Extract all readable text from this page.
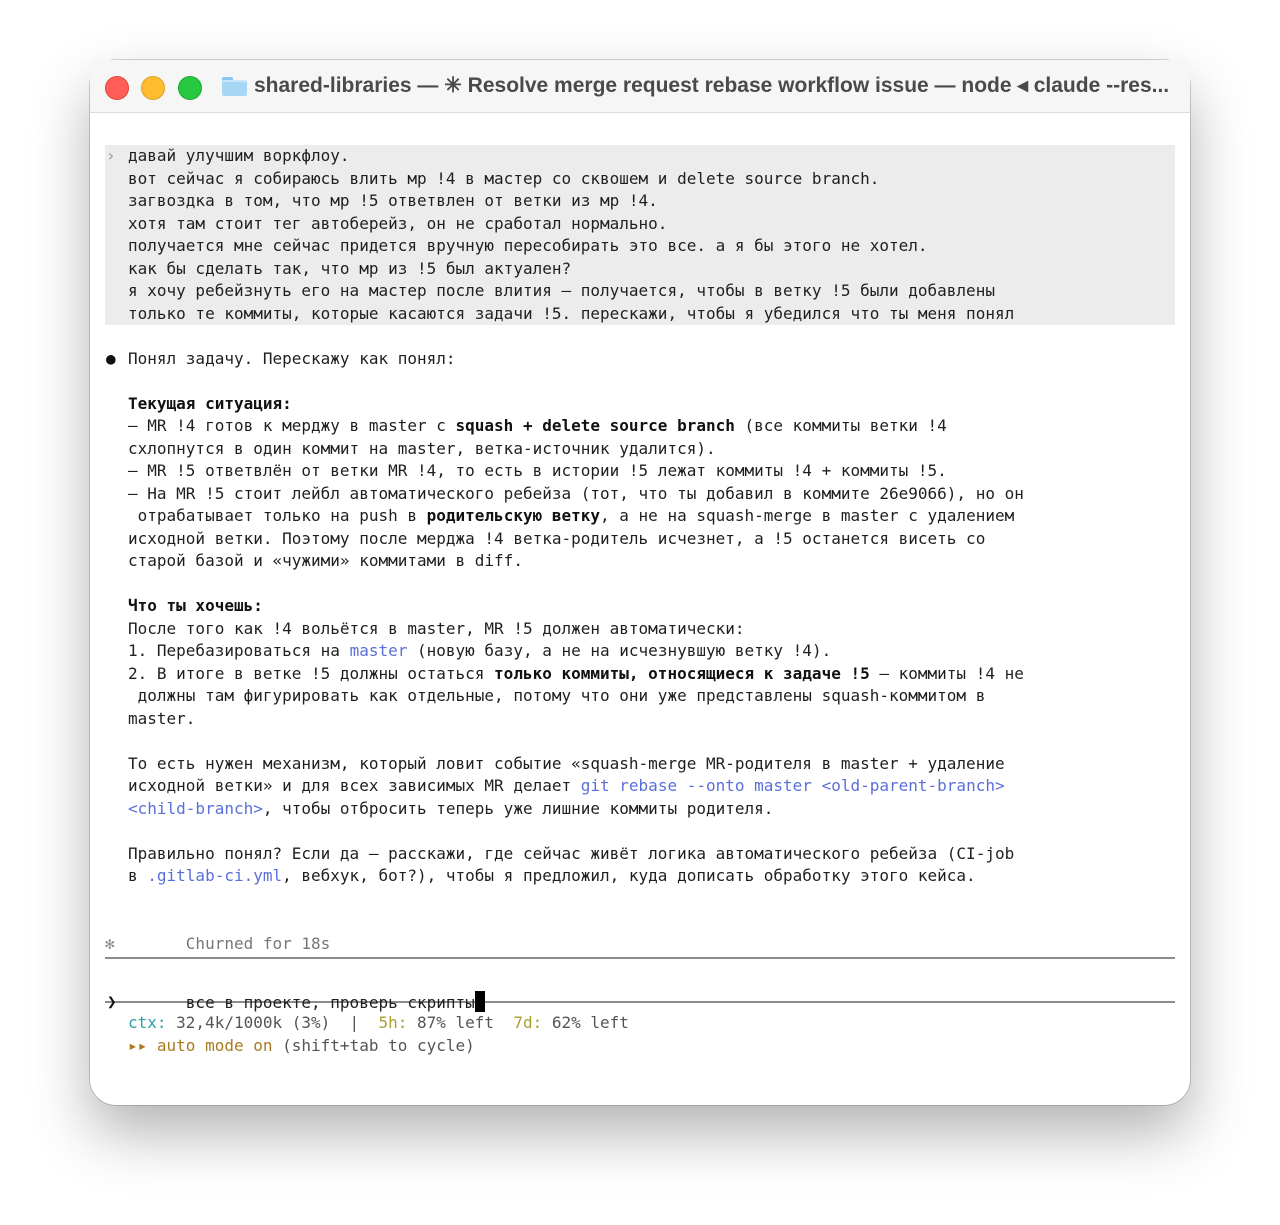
shared-libraries — ✳ Resolve merge request rebase workflow issue — node ◂ claude --res...
› давай улучшим воркфлоу.
вот сейчас я собираюсь влить мр !4 в мастер со сквошем и delete source branch.
загвоздка в том, что мр !5 ответвлен от ветки из мр !4.
хотя там стоит тег автоберейз, он не сработал нормально.
получается мне сейчас придется вручную пересобирать это все. а я бы этого не хотел.
как бы сделать так, что мр из !5 был актуален?
я хочу ребейзнуть его на мастер после влития – получается, чтобы в ветку !5 были добавлены
только те коммиты, которые касаются задачи !5. перескажи, чтобы я убедился что ты меня понял
● Понял задачу. Перескажу как понял:
Текущая ситуация:
– MR !4 готов к мерджу в master с squash + delete source branch (все коммиты ветки !4
схлопнутся в один коммит на master, ветка-источник удалится).
– MR !5 ответвлён от ветки MR !4, то есть в истории !5 лежат коммиты !4 + коммиты !5.
– На MR !5 стоит лейбл автоматического ребейза (тот, что ты добавил в коммите 26e9066), но он
отрабатывает только на push в родительскую ветку, а не на squash-merge в master с удалением
исходной ветки. Поэтому после мерджа !4 ветка-родитель исчезнет, а !5 останется висеть со
старой базой и «чужими» коммитами в diff.
Что ты хочешь:
После того как !4 вольётся в master, MR !5 должен автоматически:
1. Перебазироваться на master (новую базу, а не на исчезнувшую ветку !4).
2. В итоге в ветке !5 должны остаться только коммиты, относящиеся к задаче !5 — коммиты !4 не
должны там фигурировать как отдельные, потому что они уже представлены squash-коммитом в
master.
То есть нужен механизм, который ловит событие «squash-merge MR-родителя в master + удаление
исходной ветки» и для всех зависимых MR делает git rebase --onto master <old-parent-branch>
<child-branch>, чтобы отбросить теперь уже лишние коммиты родителя.
Правильно понял? Если да — расскажи, где сейчас живёт логика автоматического ребейза (CI-job
в .gitlab-ci.yml, вебхук, бот?), чтобы я предложил, куда дописать обработку этого кейса.

✻	Churned for 18s

❯	все в проекте, проверь скрипты

ctx: 32,4k/1000k (3%)  |  5h: 87% left  7d: 62% left
▸▸ auto mode on (shift+tab to cycle)
